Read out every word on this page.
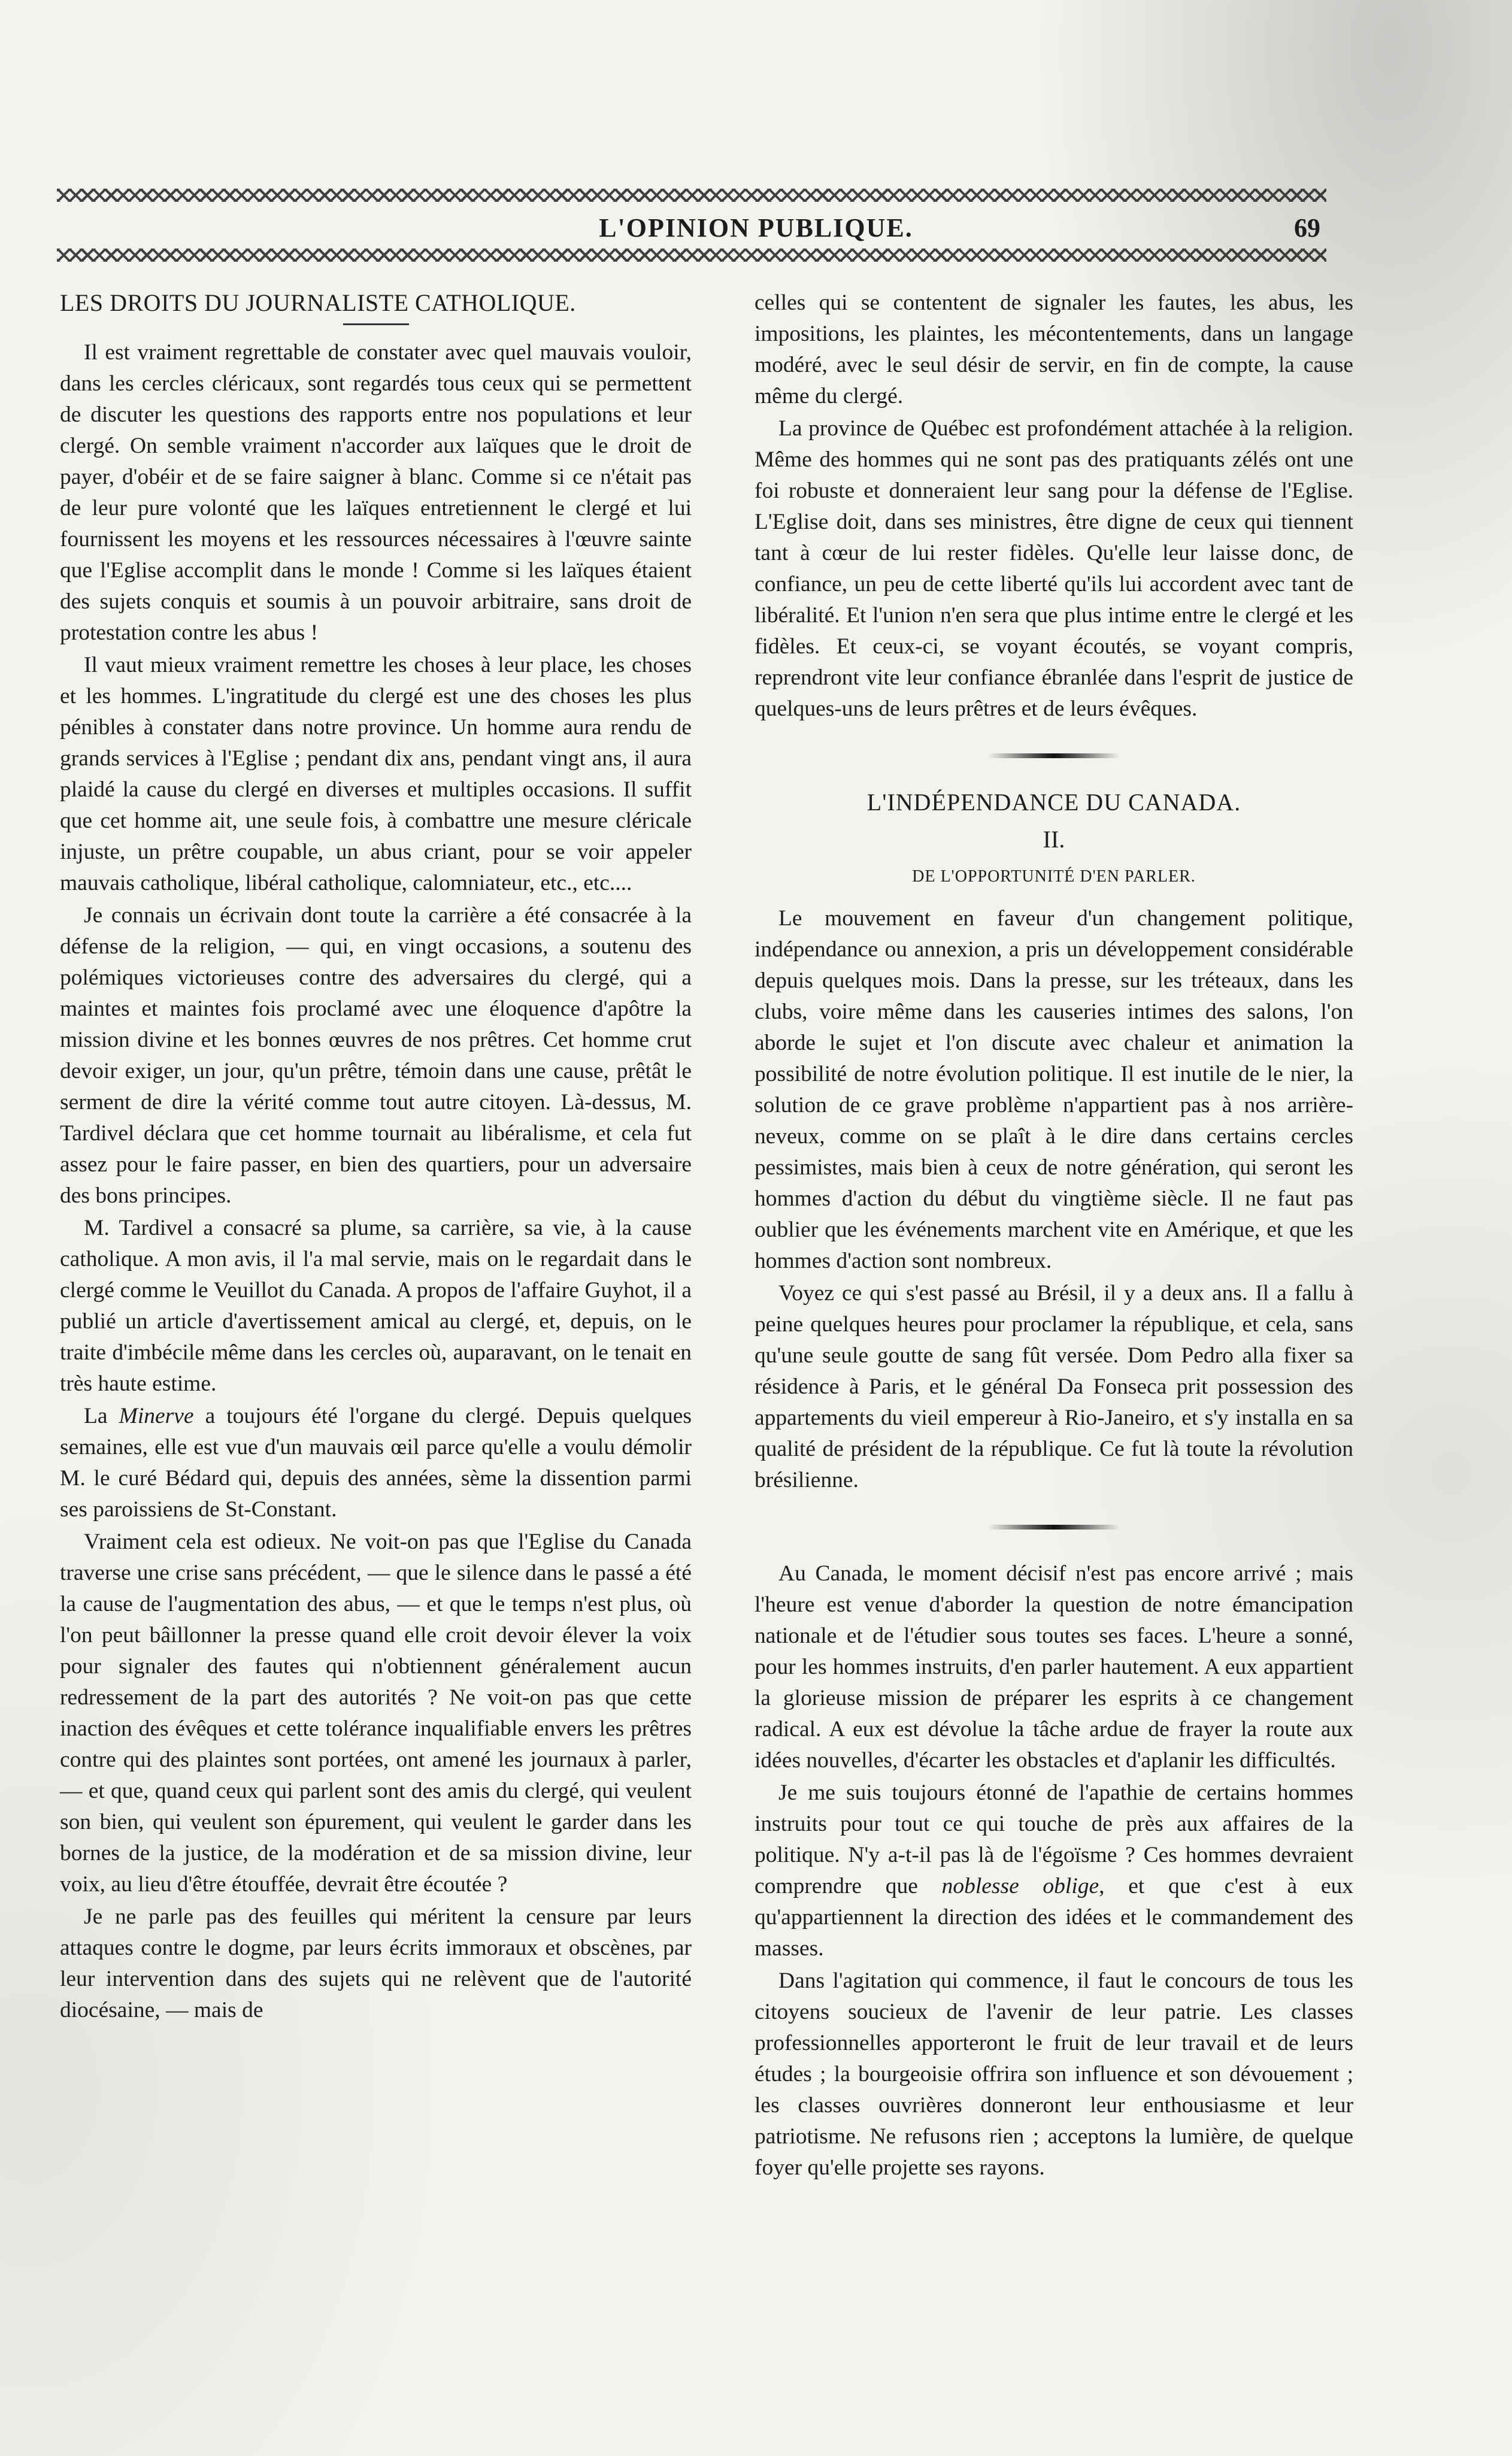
L'OPINION PUBLIQUE.	69
LES DROITS DU JOURNALISTE CATHOLIQUE.

Il est vraiment regrettable de constater avec quel mauvais vouloir, dans les cercles cléricaux, sont regardés tous ceux qui se permettent de discuter les questions des rapports entre nos populations et leur clergé. On semble vraiment n'accorder aux laïques que le droit de payer, d'obéir et de se faire saigner à blanc. Comme si ce n'était pas de leur pure volonté que les laïques entretiennent le clergé et lui fournissent les moyens et les ressources nécessaires à l'œuvre sainte que l'Eglise accomplit dans le monde ! Comme si les laïques étaient des sujets conquis et soumis à un pouvoir arbitraire, sans droit de protestation contre les abus !

Il vaut mieux vraiment remettre les choses à leur place, les choses et les hommes. L'ingratitude du clergé est une des choses les plus pénibles à constater dans notre province. Un homme aura rendu de grands services à l'Eglise ; pendant dix ans, pendant vingt ans, il aura plaidé la cause du clergé en diverses et multiples occasions. Il suffit que cet homme ait, une seule fois, à combattre une mesure cléricale injuste, un prêtre coupable, un abus criant, pour se voir appeler mauvais catholique, libéral catholique, calomniateur, etc., etc....

Je connais un écrivain dont toute la carrière a été consacrée à la défense de la religion, — qui, en vingt occasions, a soutenu des polémiques victorieuses contre des adversaires du clergé, qui a maintes et maintes fois proclamé avec une éloquence d'apôtre la mission divine et les bonnes œuvres de nos prêtres. Cet homme crut devoir exiger, un jour, qu'un prêtre, témoin dans une cause, prêtât le serment de dire la vérité comme tout autre citoyen. Là-dessus, M. Tardivel déclara que cet homme tournait au libéralisme, et cela fut assez pour le faire passer, en bien des quartiers, pour un adversaire des bons principes.

M. Tardivel a consacré sa plume, sa carrière, sa vie, à la cause catholique. A mon avis, il l'a mal servie, mais on le regardait dans le clergé comme le Veuillot du Canada. A propos de l'affaire Guyhot, il a publié un article d'avertissement amical au clergé, et, depuis, on le traite d'imbécile même dans les cercles où, auparavant, on le tenait en très haute estime.

La Minerve a toujours été l'organe du clergé. Depuis quelques semaines, elle est vue d'un mauvais œil parce qu'elle a voulu démolir M. le curé Bédard qui, depuis des années, sème la dissention parmi ses paroissiens de St-Constant.

Vraiment cela est odieux. Ne voit-on pas que l'Eglise du Canada traverse une crise sans précédent, — que le silence dans le passé a été la cause de l'augmentation des abus, — et que le temps n'est plus, où l'on peut bâillonner la presse quand elle croit devoir élever la voix pour signaler des fautes qui n'obtiennent généralement aucun redressement de la part des autorités ? Ne voit-on pas que cette inaction des évêques et cette tolérance inqualifiable envers les prêtres contre qui des plaintes sont portées, ont amené les journaux à parler, — et que, quand ceux qui parlent sont des amis du clergé, qui veulent son bien, qui veulent son épurement, qui veulent le garder dans les bornes de la justice, de la modération et de sa mission divine, leur voix, au lieu d'être étouffée, devrait être écoutée ?

Je ne parle pas des feuilles qui méritent la censure par leurs attaques contre le dogme, par leurs écrits immoraux et obscènes, par leur intervention dans des sujets qui ne relèvent que de l'autorité diocésaine, — mais de

celles qui se contentent de signaler les fautes, les abus, les impositions, les plaintes, les mécontentements, dans un langage modéré, avec le seul désir de servir, en fin de compte, la cause même du clergé.

La province de Québec est profondément attachée à la religion. Même des hommes qui ne sont pas des pratiquants zélés ont une foi robuste et donneraient leur sang pour la défense de l'Eglise. L'Eglise doit, dans ses ministres, être digne de ceux qui tiennent tant à cœur de lui rester fidèles. Qu'elle leur laisse donc, de confiance, un peu de cette liberté qu'ils lui accordent avec tant de libéralité. Et l'union n'en sera que plus intime entre le clergé et les fidèles. Et ceux-ci, se voyant écoutés, se voyant compris, reprendront vite leur confiance ébranlée dans l'esprit de justice de quelques-uns de leurs prêtres et de leurs évêques.

L'INDÉPENDANCE DU CANADA.
II.
DE L'OPPORTUNITÉ D'EN PARLER.

Le mouvement en faveur d'un changement politique, indépendance ou annexion, a pris un développement considérable depuis quelques mois. Dans la presse, sur les tréteaux, dans les clubs, voire même dans les causeries intimes des salons, l'on aborde le sujet et l'on discute avec chaleur et animation la possibilité de notre évolution politique. Il est inutile de le nier, la solution de ce grave problème n'appartient pas à nos arrière-neveux, comme on se plaît à le dire dans certains cercles pessimistes, mais bien à ceux de notre génération, qui seront les hommes d'action du début du vingtième siècle. Il ne faut pas oublier que les événements marchent vite en Amérique, et que les hommes d'action sont nombreux.

Voyez ce qui s'est passé au Brésil, il y a deux ans. Il a fallu à peine quelques heures pour proclamer la république, et cela, sans qu'une seule goutte de sang fût versée. Dom Pedro alla fixer sa résidence à Paris, et le général Da Fonseca prit possession des appartements du vieil empereur à Rio-Janeiro, et s'y installa en sa qualité de président de la république. Ce fut là toute la révolution brésilienne.

Au Canada, le moment décisif n'est pas encore arrivé ; mais l'heure est venue d'aborder la question de notre émancipation nationale et de l'étudier sous toutes ses faces. L'heure a sonné, pour les hommes instruits, d'en parler hautement. A eux appartient la glorieuse mission de préparer les esprits à ce changement radical. A eux est dévolue la tâche ardue de frayer la route aux idées nouvelles, d'écarter les obstacles et d'aplanir les difficultés.

Je me suis toujours étonné de l'apathie de certains hommes instruits pour tout ce qui touche de près aux affaires de la politique. N'y a-t-il pas là de l'égoïsme ? Ces hommes devraient comprendre que noblesse oblige, et que c'est à eux qu'appartiennent la direction des idées et le commandement des masses.

Dans l'agitation qui commence, il faut le concours de tous les citoyens soucieux de l'avenir de leur patrie. Les classes professionnelles apporteront le fruit de leur travail et de leurs études ; la bourgeoisie offrira son influence et son dévouement ; les classes ouvrières donneront leur enthousiasme et leur patriotisme. Ne refusons rien ; acceptons la lumière, de quelque foyer qu'elle projette ses rayons.
